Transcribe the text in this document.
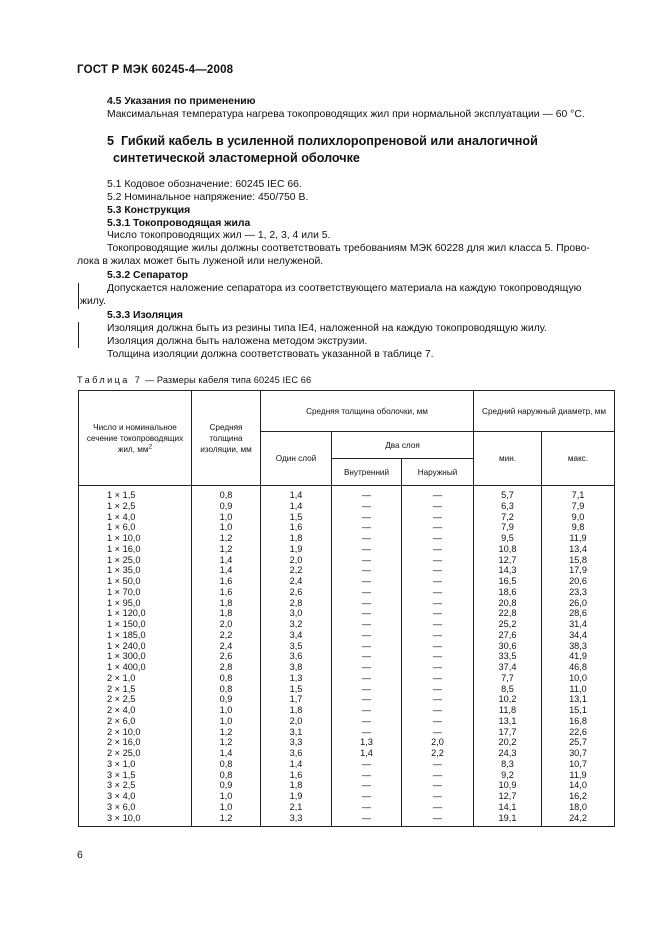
ГОСТ Р МЭК 60245-4—2008
4.5 Указания по применению
Максимальная температура нагрева токопроводящих жил при нормальной эксплуатации — 60 °С.
5 Гибкий кабель в усиленной полихлоропреновой или аналогичной
синтетической эластомерной оболочке
5.1 Кодовое обозначение: 60245 IEC 66.
5.2 Номинальное напряжение: 450/750 В.
5.3 Конструкция
5.3.1 Токопроводящая жила
Число токопроводящих жил — 1, 2, 3, 4 или 5.
Токопроводящие жилы должны соответствовать требованиям МЭК 60228 для жил класса 5. Прово-
лока в жилах может быть луженой или нелуженой.
5.3.2 Сепаратор
Допускается наложение сепаратора из соответствующего материала на каждую токопроводящую
жилу.
5.3.3 Изоляция
Изоляция должна быть из резины типа IE4, наложенной на каждую токопроводящую жилу.
Изоляция должна быть наложена методом экструзии.
Толщина изоляции должна соответствовать указанной в таблице 7.
Таблица 7 — Размеры кабеля типа 60245 IEC 66
Число и номинальное сечение токопроводящих жил, $мм^2$	Средняя толщина изоляции, мм	Средняя толщина оболочки, мм			Средний наружный диаметр, мм	
		Один слой	Два слоя		мин.	макс.
			Внутренний	Наружный		
1 × 1,5	0,8	1,4	—	—	5,7	7,1
1 × 2,5	0,9	1,4	—	—	6,3	7,9
1 × 4,0	1,0	1,5	—	—	7,2	9,0
1 × 6,0	1,0	1,6	—	—	7,9	9,8
1 × 10,0	1,2	1,8	—	—	9,5	11,9
1 × 16,0	1,2	1,9	—	—	10,8	13,4
1 × 25,0	1,4	2,0	—	—	12,7	15,8
1 × 35,0	1,4	2,2	—	—	14,3	17,9
1 × 50,0	1,6	2,4	—	—	16,5	20,6
1 × 70,0	1,6	2,6	—	—	18,6	23,3
1 × 95,0	1,8	2,8	—	—	20,8	26,0
1 × 120,0	1,8	3,0	—	—	22,8	28,6
1 × 150,0	2,0	3,2	—	—	25,2	31,4
1 × 185,0	2,2	3,4	—	—	27,6	34,4
1 × 240,0	2,4	3,5	—	—	30,6	38,3
1 × 300,0	2,6	3,6	—	—	33,5	41,9
1 × 400,0	2,8	3,8	—	—	37,4	46,8
2 × 1,0	0,8	1,3	—	—	7,7	10,0
2 × 1,5	0,8	1,5	—	—	8,5	11,0
2 × 2,5	0,9	1,7	—	—	10,2	13,1
2 × 4,0	1,0	1,8	—	—	11,8	15,1
2 × 6,0	1,0	2,0	—	—	13,1	16,8
2 × 10,0	1,2	3,1	—	—	17,7	22,6
2 × 16,0	1,2	3,3	1,3	2,0	20,2	25,7
2 × 25,0	1,4	3,6	1,4	2,2	24,3	30,7
3 × 1,0	0,8	1,4	—	—	8,3	10,7
3 × 1,5	0,8	1,6	—	—	9,2	11,9
3 × 2,5	0,9	1,8	—	—	10,9	14,0
3 × 4,0	1,0	1,9	—	—	12,7	16,2
3 × 6,0	1,0	2,1	—	—	14,1	18,0
3 × 10,0	1,2	3,3	—	—	19,1	24,2
6
